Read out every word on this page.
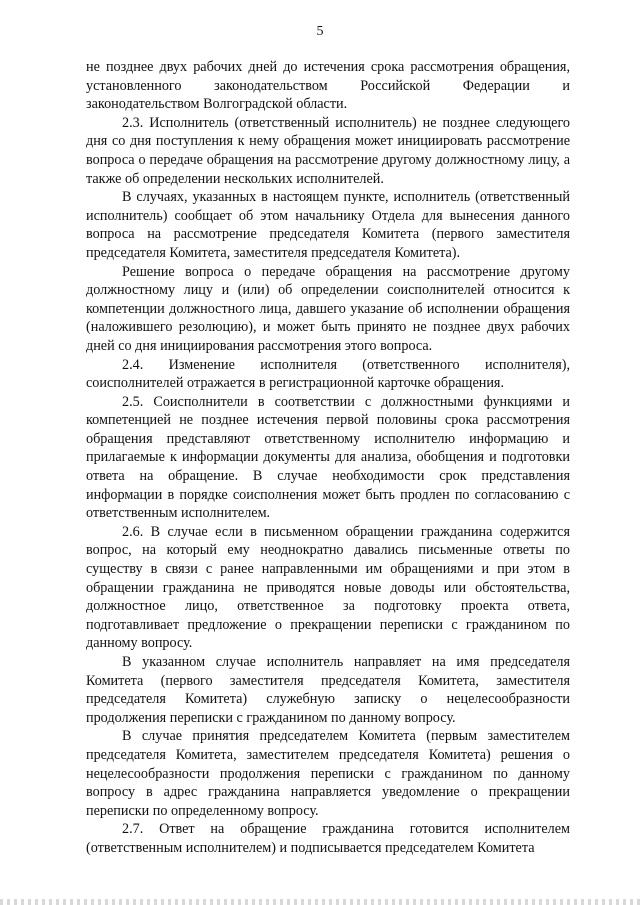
5

не позднее двух рабочих дней до истечения срока рассмотрения обращения, установленного законодательством Российской Федерации и законодательством Волгоградской области.

2.3. Исполнитель (ответственный исполнитель) не позднее следующего дня со дня поступления к нему обращения может инициировать рассмотрение вопроса о передаче обращения на рассмотрение другому должностному лицу, а также об определении нескольких исполнителей.

В случаях, указанных в настоящем пункте, исполнитель (ответственный исполнитель) сообщает об этом начальнику Отдела для вынесения данного вопроса на рассмотрение председателя Комитета (первого заместителя председателя Комитета, заместителя председателя Комитета).

Решение вопроса о передаче обращения на рассмотрение другому должностному лицу и (или) об определении соисполнителей относится к компетенции должностного лица, давшего указание об исполнении обращения (наложившего резолюцию), и может быть принято не позднее двух рабочих дней со дня инициирования рассмотрения этого вопроса.

2.4. Изменение исполнителя (ответственного исполнителя), соисполнителей отражается в регистрационной карточке обращения.

2.5. Соисполнители в соответствии с должностными функциями и компетенцией не позднее истечения первой половины срока рассмотрения обращения представляют ответственному исполнителю информацию и прилагаемые к информации документы для анализа, обобщения и подготовки ответа на обращение. В случае необходимости срок представления информации в порядке соисполнения может быть продлен по согласованию с ответственным исполнителем.

2.6. В случае если в письменном обращении гражданина содержится вопрос, на который ему неоднократно давались письменные ответы по существу в связи с ранее направленными им обращениями и при этом в обращении гражданина не приводятся новые доводы или обстоятельства, должностное лицо, ответственное за подготовку проекта ответа, подготавливает предложение о прекращении переписки с гражданином по данному вопросу.

В указанном случае исполнитель направляет на имя председателя Комитета (первого заместителя председателя Комитета, заместителя председателя Комитета) служебную записку о нецелесообразности продолжения переписки с гражданином по данному вопросу.

В случае принятия председателем Комитета (первым заместителем председателя Комитета, заместителем председателя Комитета) решения о нецелесообразности продолжения переписки с гражданином по данному вопросу в адрес гражданина направляется уведомление о прекращении переписки по определенному вопросу.

2.7. Ответ на обращение гражданина готовится исполнителем (ответственным исполнителем) и подписывается председателем Комитета
